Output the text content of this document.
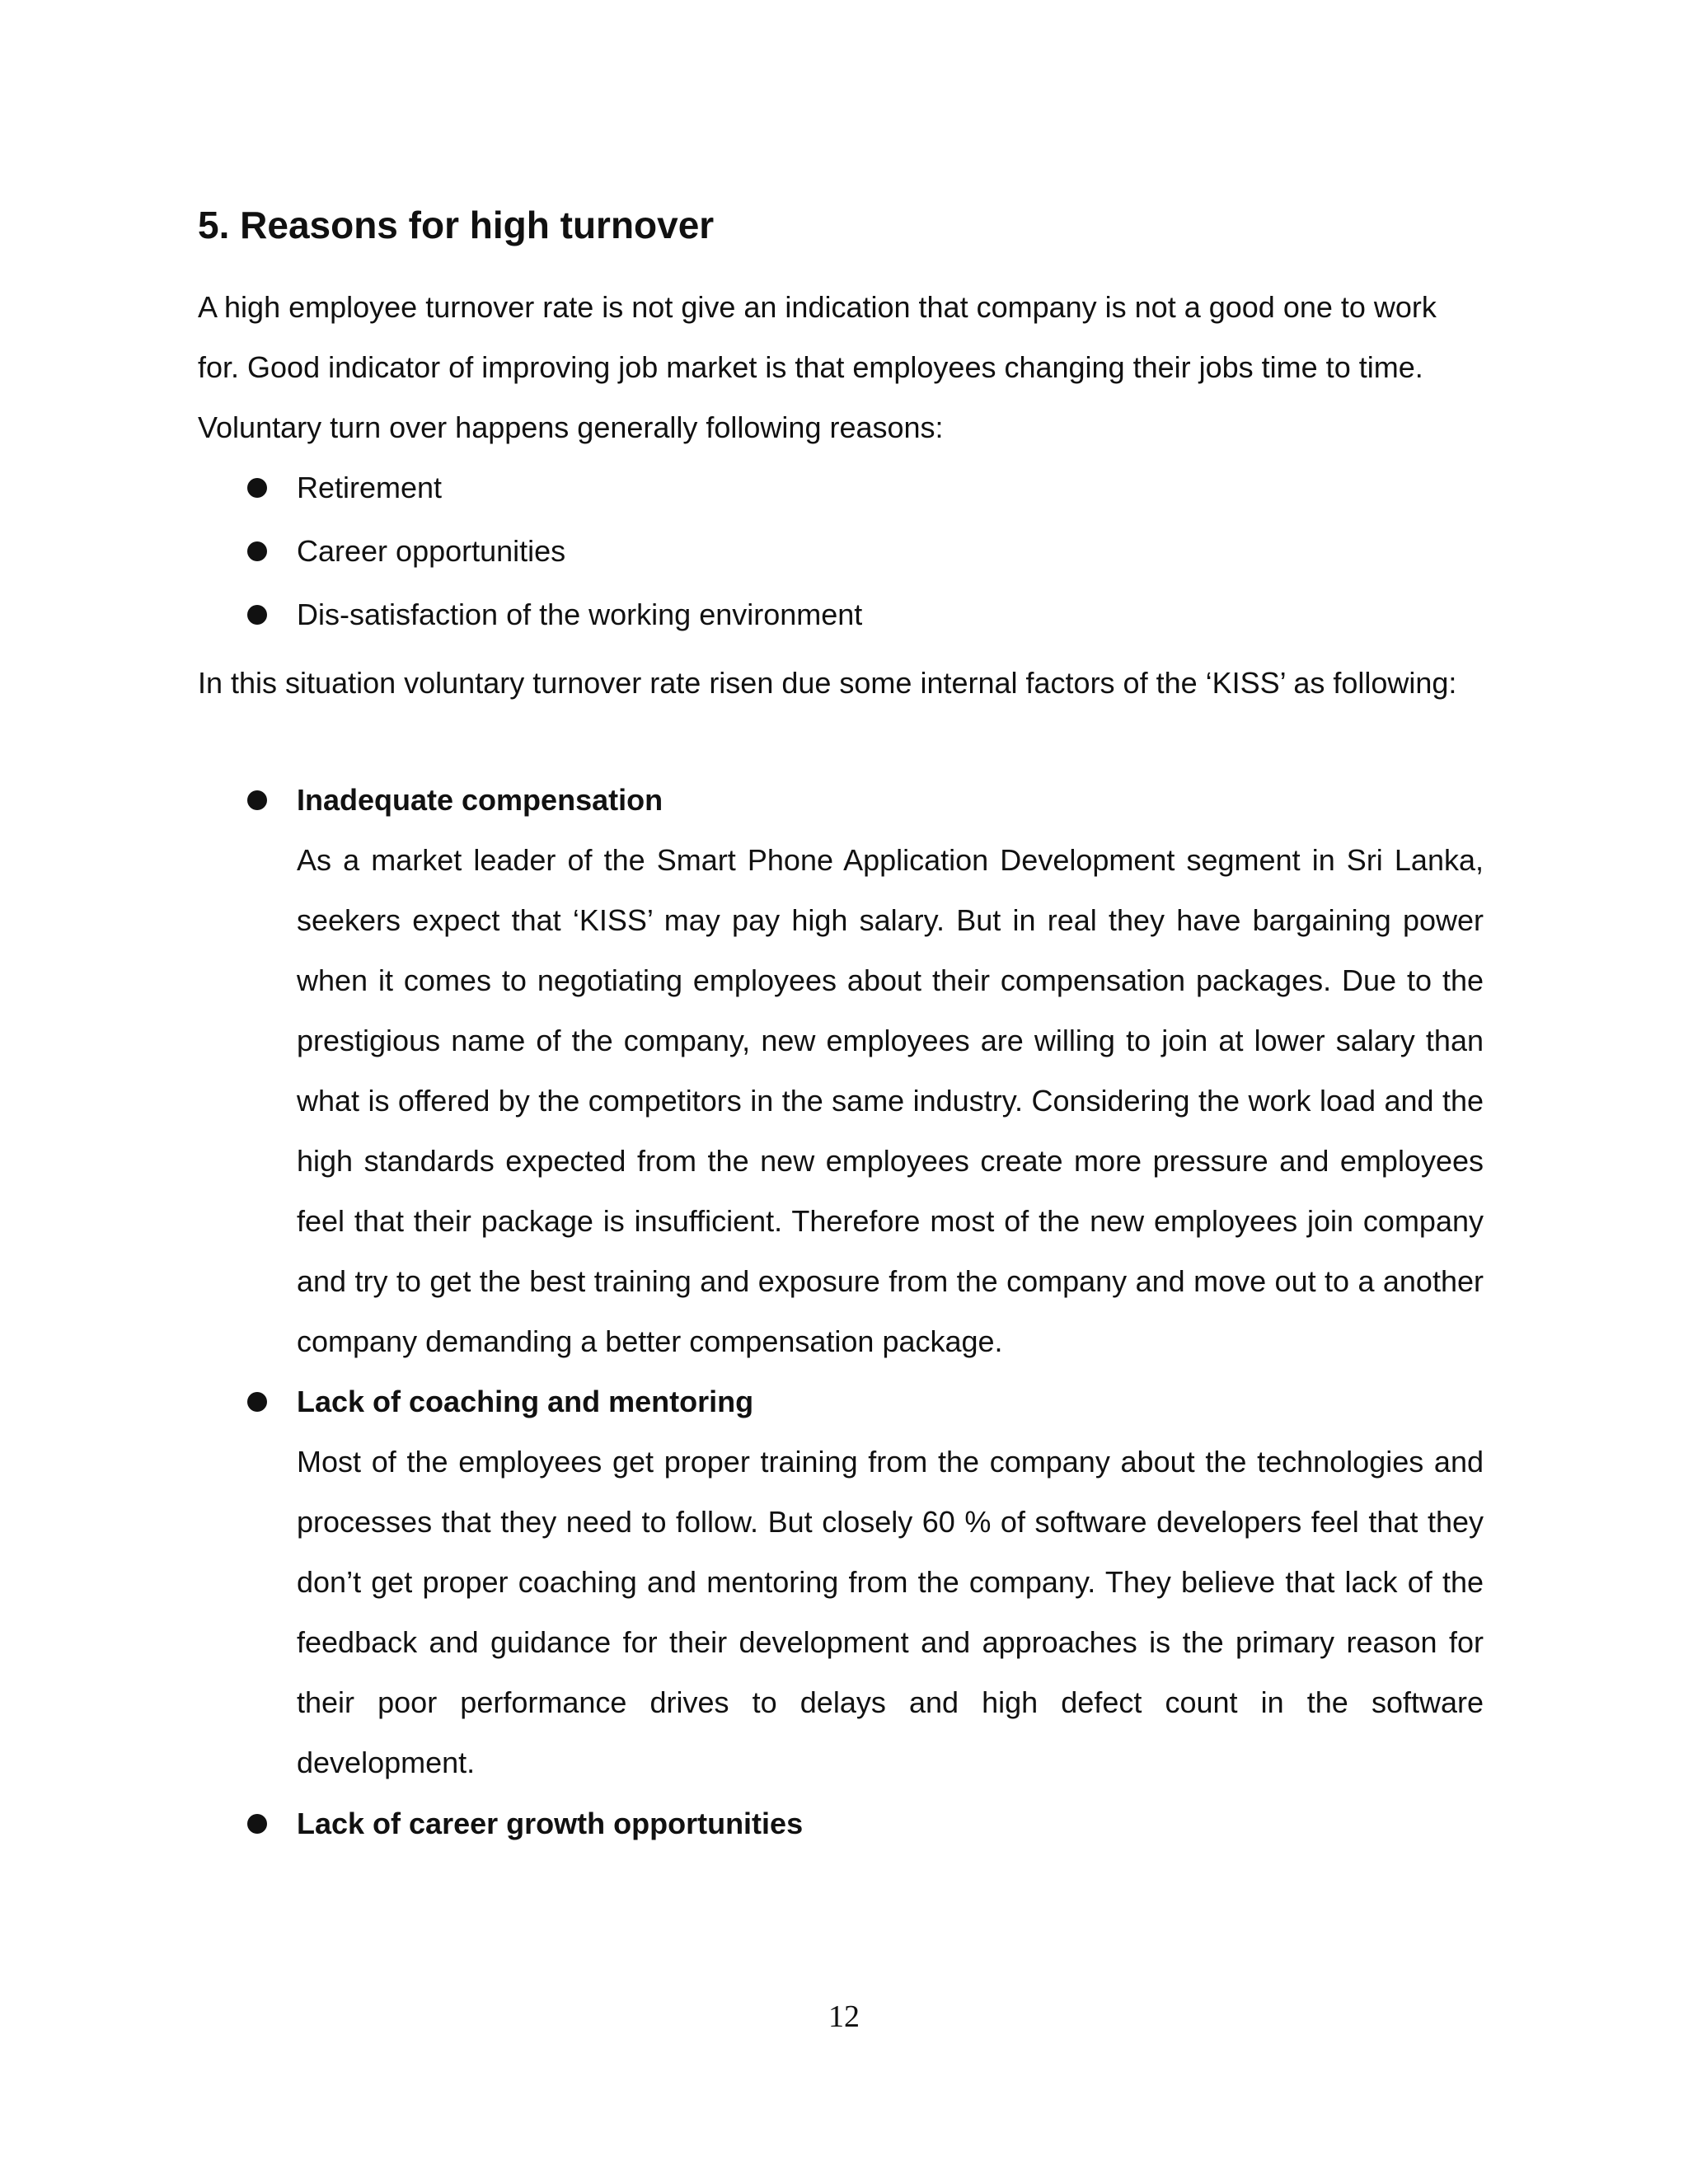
5. Reasons for high turnover

A high employee turnover rate is not give an indication that company is not a good one to work
for. Good indicator of improving job market is that employees changing their jobs time to time.
Voluntary turn over happens generally following reasons:

Retirement

Career opportunities

Dis-satisfaction of the working environment

In this situation voluntary turnover rate risen due some internal factors of the ‘KISS’ as following:

Inadequate compensation

As a market leader of the Smart Phone Application Development segment in Sri Lanka, seekers expect that ‘KISS’ may pay high salary. But in real they have bargaining power when it comes to negotiating employees about their compensation packages. Due to the prestigious name of the company, new employees are willing to join at lower salary than what is offered by the competitors in the same industry. Considering the work load and the high standards expected from the new employees create more pressure and employees feel that their package is insufficient. Therefore most of the new employees join company and try to get the best training and exposure from the company and move out to a another company demanding a better compensation package.

Lack of coaching and mentoring

Most of the employees get proper training from the company about the technologies and processes that they need to follow. But closely 60 % of software developers feel that they don’t get proper coaching and mentoring from the company. They believe that lack of the feedback and guidance for their development and approaches is the primary reason for their poor performance drives to delays and high defect count in the software development.

Lack of career growth opportunities

12
